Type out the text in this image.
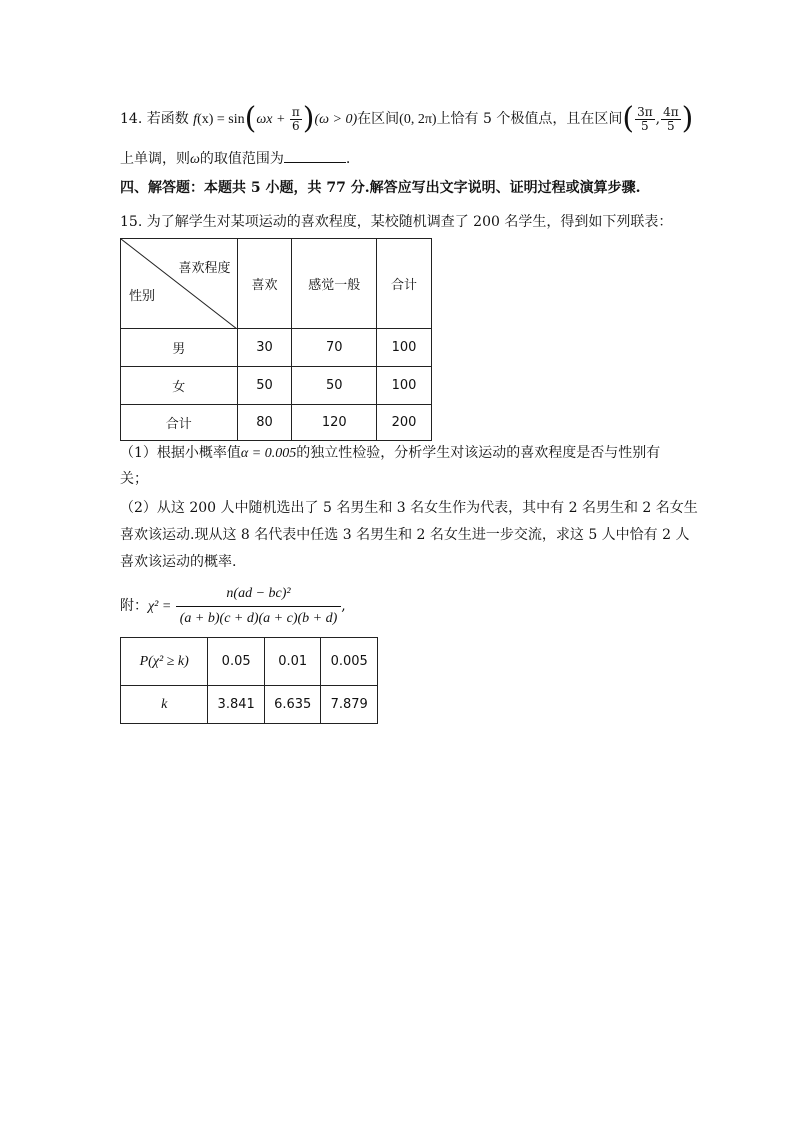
14. 若函数 $f(x) = \sin(\omega x + \frac{\pi}{6} )(\omega > 0)$在区间(0, 2π)上恰有 5 个极值点，且在区间( $\frac{3\pi}{5}$ , $\frac{4\pi}{5}$ )
上单调，则ω的取值范围为	.
四、解答题：本题共 5 小题，共 77 分.解答应写出文字说明、证明过程或演算步骤.
15. 为了解学生对某项运动的喜欢程度，某校随机调查了 200 名学生，得到如下列联表：
喜欢程度
性别	喜欢	感觉一般	合计
男	30	70	100
女	50	50	100
合计	80	120	200
（1）根据小概率值α = 0.005的独立性检验，分析学生对该运动的喜欢程度是否与性别有
关；
（2）从这 200 人中随机选出了 5 名男生和 3 名女生作为代表，其中有 2 名男生和 2 名女生
喜欢该运动.现从这 8 名代表中任选 3 名男生和 2 名女生进一步交流，求这 5 人中恰有 2 人
喜欢该运动的概率.
附：$\chi^2 = \frac{\text{n(ad − bc)²}}{(a + b)(c + d)(a + c)(b + d)}$ ,
P(χ² ≥ k)	0.05	0.01	0.005
k	3.841	6.635	7.879
